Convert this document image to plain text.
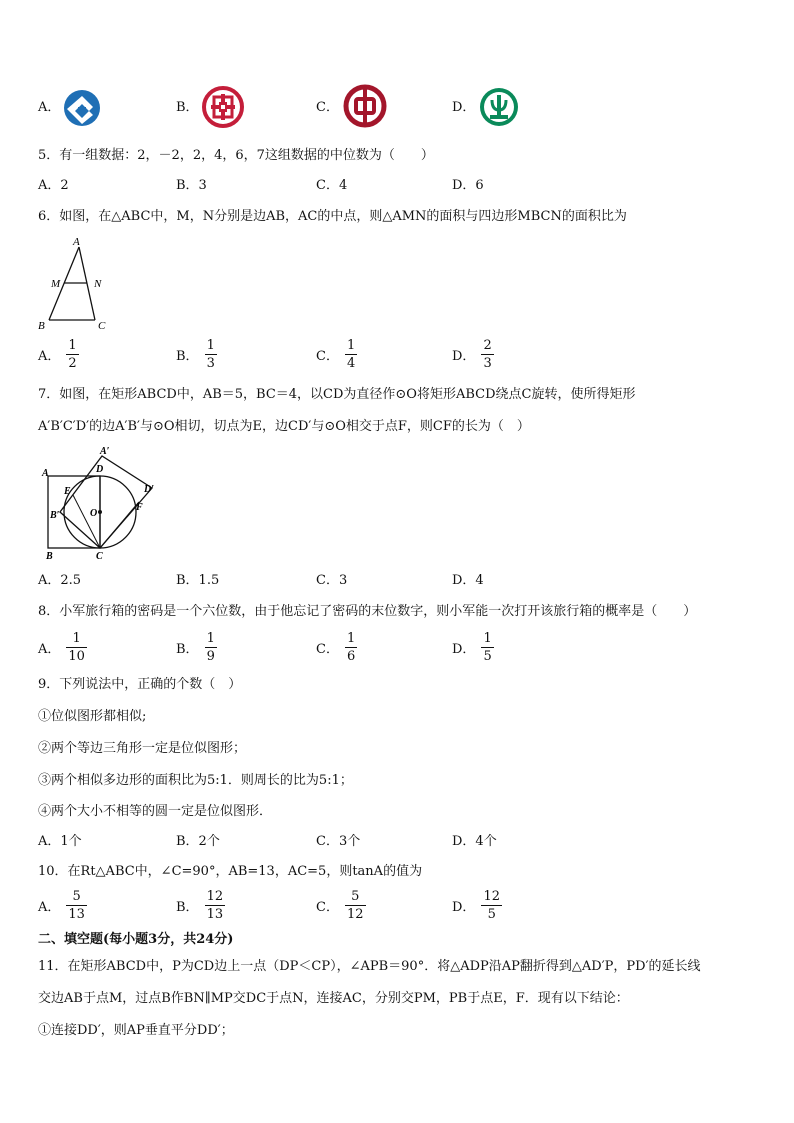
A．	B．	C．	D．
5．有一组数据：2，－2，2，4，6，7这组数据的中位数为（　　）
A．2	B．3	C．4	D．6
6．如图，在△ABC中，M，N分别是边AB，AC的中点，则△AMN的面积与四边形MBCN的面积比为
A
M	N
B	C
A． $\frac{1}{2}$	B． $\frac{1}{3}$	C． $\frac{1}{4}$	D． $\frac{2}{3}$
7．如图，在矩形ABCD中，AB＝5，BC＝4，以CD为直径作⊙O将矩形ABCD绕点C旋转，使所得矩形
A′B′C′D′的边A′B′与⊙O相切，切点为E，边CD′与⊙O相交于点F，则CF的长为（　）
A
A′
D
D′
E
F
B′	O
B	C
A．2.5	B．1.5	C．3	D．4
8．小军旅行箱的密码是一个六位数，由于他忘记了密码的末位数字，则小军能一次打开该旅行箱的概率是（　　）
A． $\frac{1}{10}$	B． $\frac{1}{9}$	C． $\frac{1}{6}$	D． $\frac{1}{5}$
9．下列说法中，正确的个数（　）
①位似图形都相似;
②两个等边三角形一定是位似图形；
③两个相似多边形的面积比为5:1．则周长的比为5:1；
④两个大小不相等的圆一定是位似图形．
A．1个	B．2个	C．3个	D．4个
10．在Rt△ABC中，∠C=90°，AB=13，AC=5，则tanA的值为
A． $\frac{5}{13}$	B． $\frac{12}{13}$	C． $\frac{5}{12}$	D． $\frac{12}{5}$
二、填空题(每小题3分，共24分)
11．在矩形ABCD中，P为CD边上一点（DP＜CP），∠APB＝90°．将△ADP沿AP翻折得到△AD′P，PD′的延长线
交边AB于点M，过点B作BN∥MP交DC于点N，连接AC，分别交PM，PB于点E，F．现有以下结论：
①连接DD′，则AP垂直平分DD′；
